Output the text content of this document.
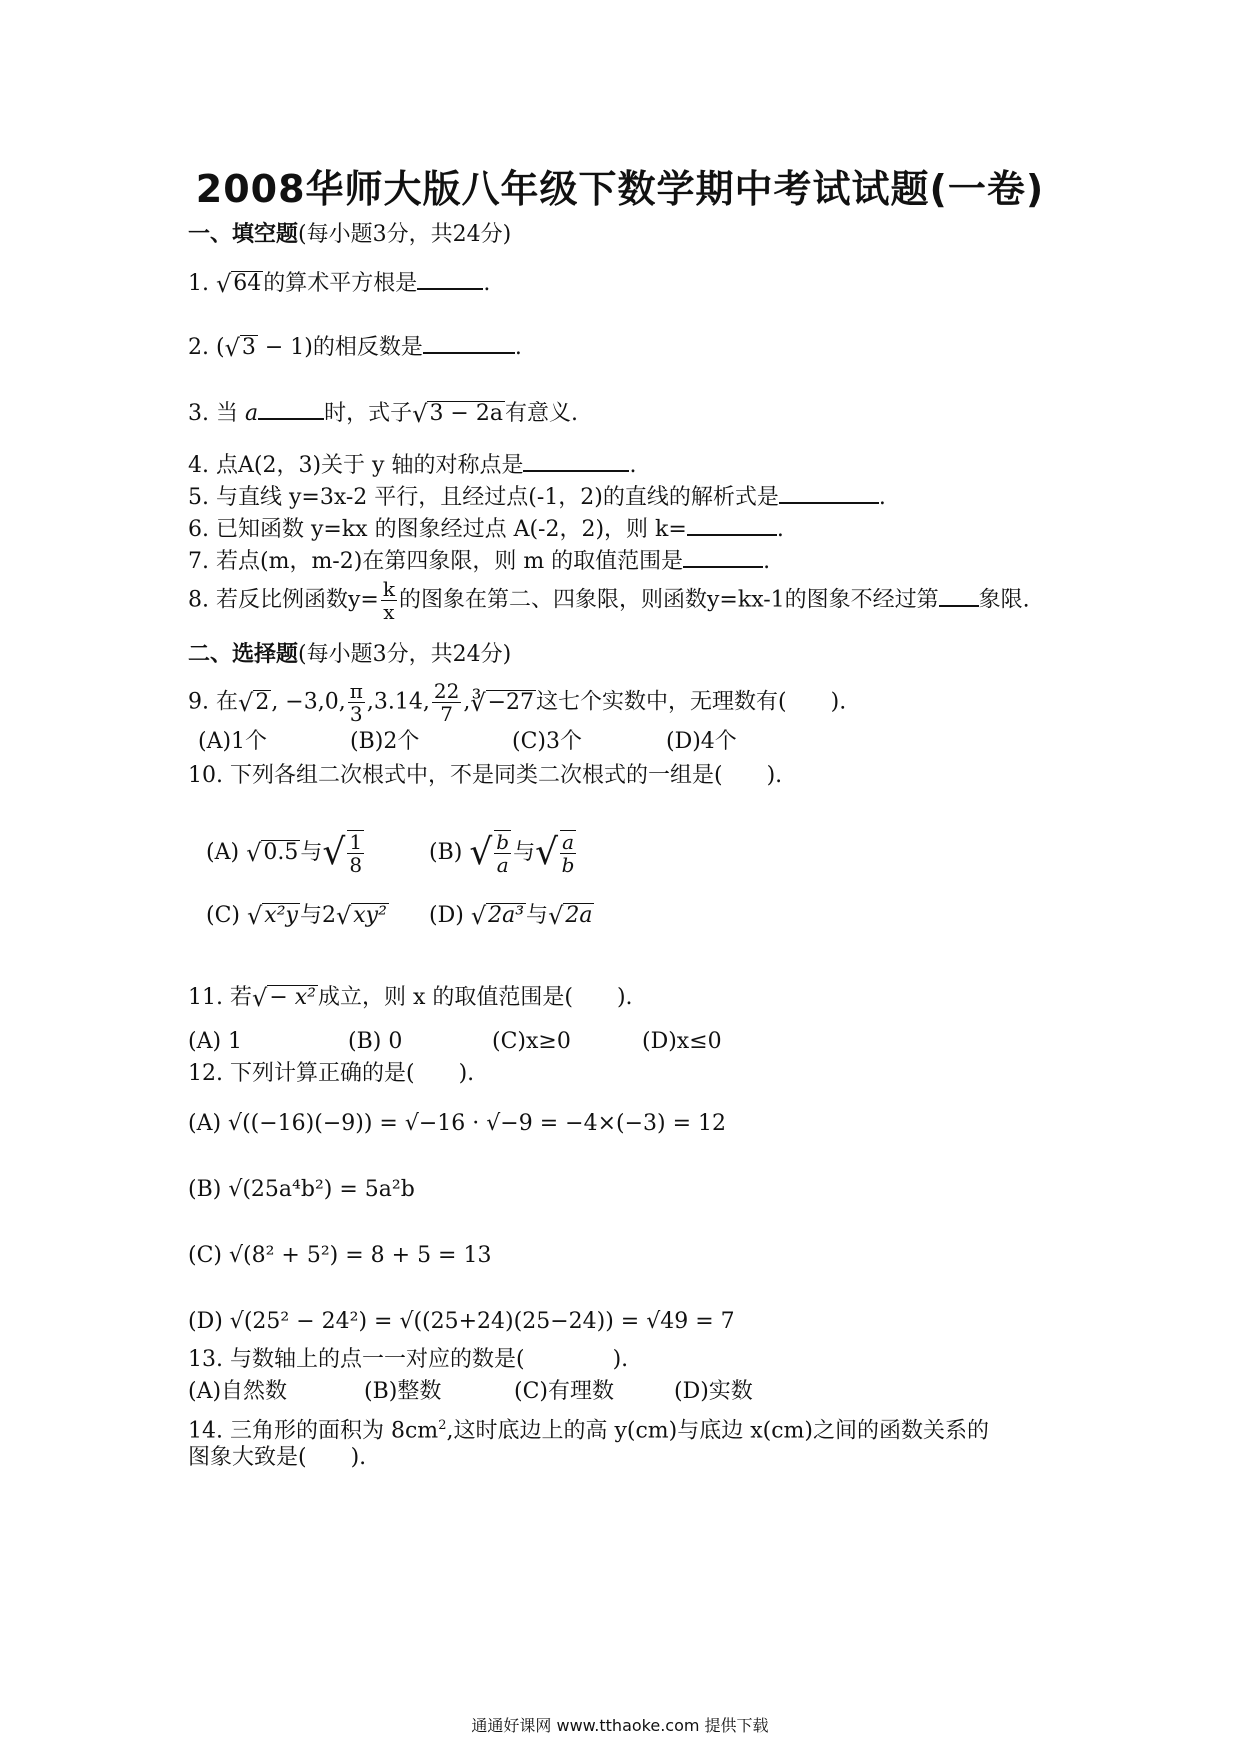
2008华师大版八年级下数学期中考试试题(一卷)
一、填空题(每小题3分，共24分)
1. √ 64 的算术平方根是	.
2. ( √ 3 − 1)的相反数是	.
3. 当 a	时，式子 √ 3 − 2a 有意义.
4. 点A(2，3)关于 y 轴的对称点是	.
5. 与直线 y=3x-2 平行，且经过点(-1，2)的直线的解析式是	.
6. 已知函数 y=kx 的图象经过点 A(-2，2)，则 k=	.
7. 若点(m，m-2)在第四象限，则 m 的取值范围是	.
8. 若反比例函数$y= \frac{k}{x}$ 的图象在第二、四象限，则函数y=kx-1的图象不经过第 象限.
二、选择题(每小题3分，共24分)
9. 在 √ 2 , −3,0, $\frac{\pi}{3} ,3.14$, $\frac{22}{7}$ , ∛ −27 这七个实数中，无理数有(　　).
(A)1个	(B)2个	(C)3个	(D)4个
10. 下列各组二次根式中，不是同类二次根式的一组是(　　).
(A) √ 0.5 与 √ $\frac{1}{8}$	(B) √ $\frac{b}{a}$ 与 √ $\frac{a}{b}$
(C) √ x²y 与2 √ xy² (D) √ 2a³ 与 √ 2a
11. 若 √ − x² 成立，则 x 的取值范围是(　　).
(A) 1	(B) 0	(C)x≥0	(D)x≤0
12. 下列计算正确的是(　　).
(A) √((−16)(−9)) = √−16 · √−9 = −4×(−3) = 12
(B) √(25a⁴b²) = 5a²b
(C) √(8² + 5²) = 8 + 5 = 13
(D) √(25² − 24²) = √((25+24)(25−24)) = √49 = 7
13. 与数轴上的点一一对应的数是(　　　　).
(A)自然数	(B)整数	(C)有理数	(D)实数
14. 三角形的面积为 $8cm^2$,这时底边上的高 y(cm)与底边 x(cm)之间的函数关系的
图象大致是(　　).
通通好课网 www.tthaoke.com 提供下载
